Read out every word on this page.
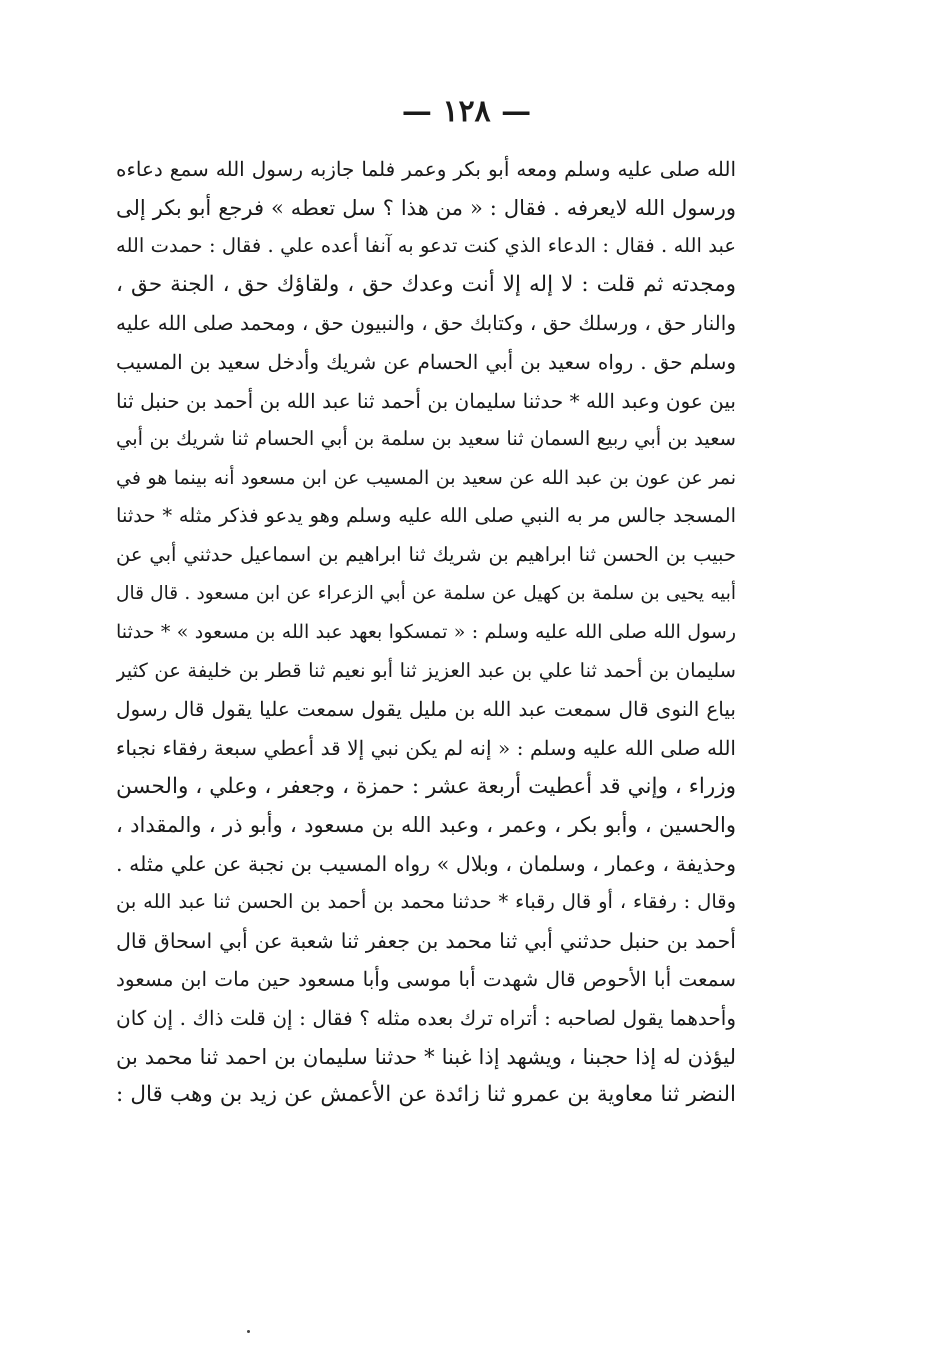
— ١٢٨ —
الله صلى عليه وسلم ومعه أبو بكر وعمر فلما جازبه رسول الله سمع دعاءه
ورسول الله لايعرفه . فقال : « من هذا ؟ سل تعطه » فرجع أبو بكر إلى
عبد الله . فقال : الدعاء الذي كنت تدعو به آنفا أعده علي . فقال : حمدت الله
ومجدته ثم قلت : لا إله إلا أنت وعدك حق ، ولقاؤك حق ، الجنة حق ،
والنار حق ، ورسلك حق ، وكتابك حق ، والنبيون حق ، ومحمد صلى الله عليه
وسلم حق . رواه سعيد بن أبي الحسام عن شريك وأدخل سعيد بن المسيب
بين عون وعبد الله * حدثنا سليمان بن أحمد ثنا عبد الله بن أحمد بن حنبل ثنا
سعيد بن أبي ربيع السمان ثنا سعيد بن سلمة بن أبي الحسام ثنا شريك بن أبي
نمر عن عون بن عبد الله عن سعيد بن المسيب عن ابن مسعود أنه بينما هو في
المسجد جالس مر به النبي صلى الله عليه وسلم وهو يدعو فذكر مثله * حدثنا
حبيب بن الحسن ثنا ابراهيم بن شريك ثنا ابراهيم بن اسماعيل حدثني أبي عن
أبيه يحيى بن سلمة بن كهيل عن سلمة عن أبي الزعراء عن ابن مسعود . قال قال
رسول الله صلى الله عليه وسلم : « تمسكوا بعهد عبد الله بن مسعود » * حدثنا
سليمان بن أحمد ثنا علي بن عبد العزيز ثنا أبو نعيم ثنا قطر بن خليفة عن كثير
بياع النوى قال سمعت عبد الله بن مليل يقول سمعت عليا يقول قال رسول
الله صلى الله عليه وسلم : « إنه لم يكن نبي إلا قد أعطي سبعة رفقاء نجباء
وزراء ، وإني قد أعطيت أربعة عشر : حمزة ، وجعفر ، وعلي ، والحسن
والحسين ، وأبو بكر ، وعمر ، وعبد الله بن مسعود ، وأبو ذر ، والمقداد ،
وحذيفة ، وعمار ، وسلمان ، وبلال » رواه المسيب بن نجبة عن علي مثله .
وقال : رفقاء ، أو قال رقباء * حدثنا محمد بن أحمد بن الحسن ثنا عبد الله بن
أحمد بن حنبل حدثني أبي ثنا محمد بن جعفر ثنا شعبة عن أبي اسحاق قال
سمعت أبا الأحوص قال شهدت أبا موسى وأبا مسعود حين مات ابن مسعود
وأحدهما يقول لصاحبه : أتراه ترك بعده مثله ؟ فقال : إن قلت ذاك . إن كان
ليؤذن له إذا حجبنا ، ويشهد إذا غبنا * حدثنا سليمان بن احمد ثنا محمد بن
النضر ثنا معاوية بن عمرو ثنا زائدة عن الأعمش عن زيد بن وهب قال :
